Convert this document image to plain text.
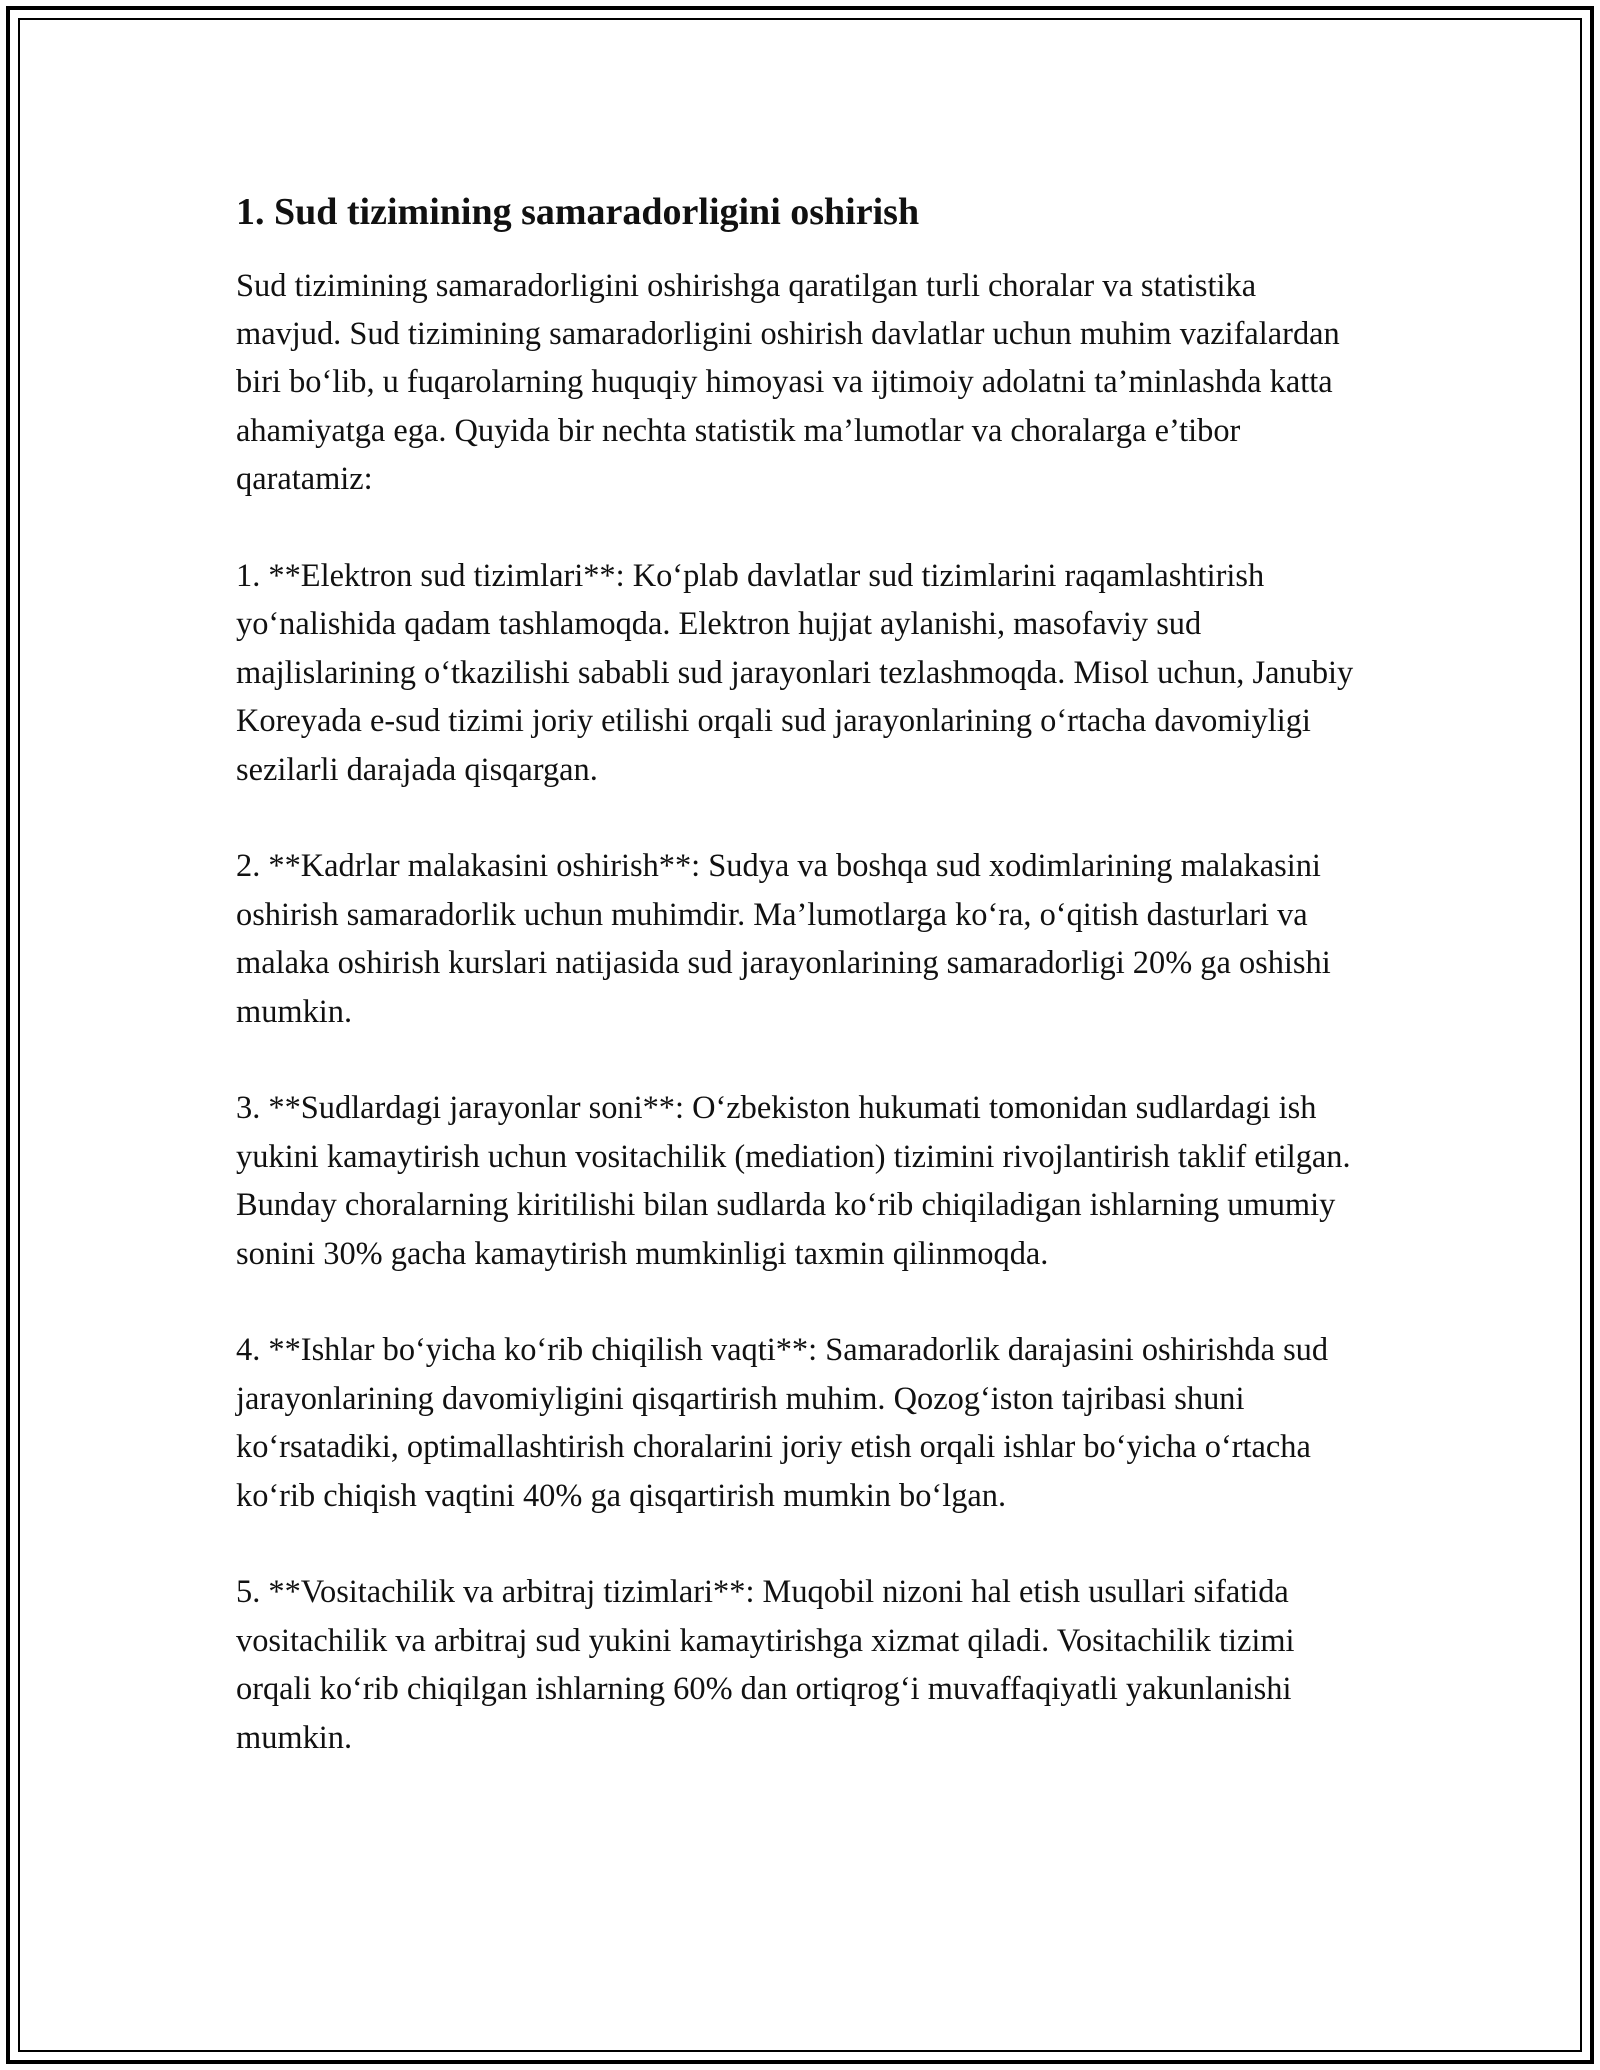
1. Sud tizimining samaradorligini oshirish

Sud tizimining samaradorligini oshirishga qaratilgan turli choralar va statistika mavjud. Sud tizimining samaradorligini oshirish davlatlar uchun muhim vazifalardan biri bo‘lib, u fuqarolarning huquqiy himoyasi va ijtimoiy adolatni ta’minlashda katta ahamiyatga ega. Quyida bir nechta statistik ma’lumotlar va choralarga e’tibor qaratamiz:

1. **Elektron sud tizimlari**: Ko‘plab davlatlar sud tizimlarini raqamlashtirish yo‘nalishida qadam tashlamoqda. Elektron hujjat aylanishi, masofaviy sud majlislarining o‘tkazilishi sababli sud jarayonlari tezlashmoqda. Misol uchun, Janubiy Koreyada e-sud tizimi joriy etilishi orqali sud jarayonlarining o‘rtacha davomiyligi sezilarli darajada qisqargan.

2. **Kadrlar malakasini oshirish**: Sudya va boshqa sud xodimlarining malakasini oshirish samaradorlik uchun muhimdir. Ma’lumotlarga ko‘ra, o‘qitish dasturlari va malaka oshirish kurslari natijasida sud jarayonlarining samaradorligi 20% ga oshishi mumkin.

3. **Sudlardagi jarayonlar soni**: O‘zbekiston hukumati tomonidan sudlardagi ish yukini kamaytirish uchun vositachilik (mediation) tizimini rivojlantirish taklif etilgan. Bunday choralarning kiritilishi bilan sudlarda ko‘rib chiqiladigan ishlarning umumiy sonini 30% gacha kamaytirish mumkinligi taxmin qilinmoqda.

4. **Ishlar bo‘yicha ko‘rib chiqilish vaqti**: Samaradorlik darajasini oshirishda sud jarayonlarining davomiyligini qisqartirish muhim. Qozog‘iston tajribasi shuni ko‘rsatadiki, optimallashtirish choralarini joriy etish orqali ishlar bo‘yicha o‘rtacha ko‘rib chiqish vaqtini 40% ga qisqartirish mumkin bo‘lgan.

5. **Vositachilik va arbitraj tizimlari**: Muqobil nizoni hal etish usullari sifatida vositachilik va arbitraj sud yukini kamaytirishga xizmat qiladi. Vositachilik tizimi orqali ko‘rib chiqilgan ishlarning 60% dan ortiqrog‘i muvaffaqiyatli yakunlanishi mumkin.
